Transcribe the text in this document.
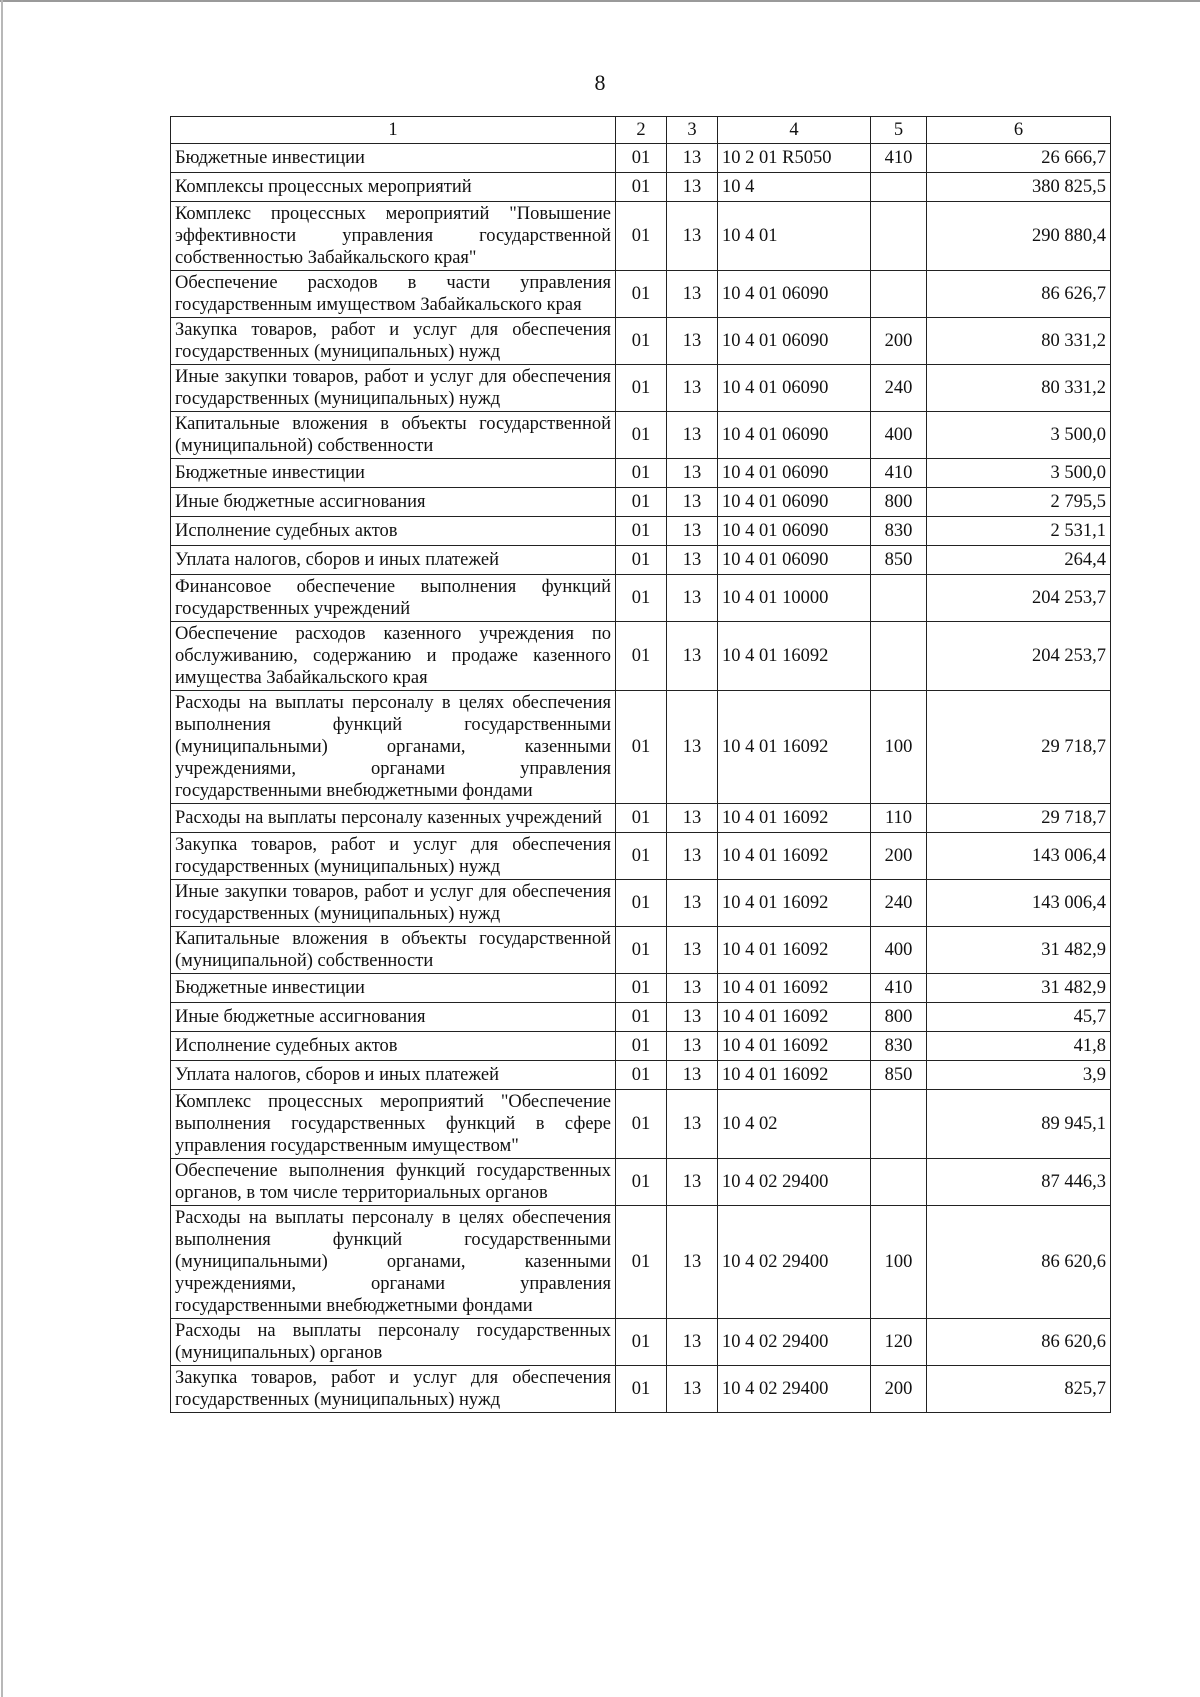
8
1	2	3	4	5	6
Бюджетные инвестиции	01	13	10 2 01 R5050	410	26 666,7
Комплексы процессных мероприятий	01	13	10 4		380 825,5
Комплекс процессных мероприятий "Повышение эффективности управления государственной собственностью Забайкальского края"	01	13	10 4 01		290 880,4
Обеспечение расходов в части управления государственным имуществом Забайкальского края	01	13	10 4 01 06090		86 626,7
Закупка товаров, работ и услуг для обеспечения государственных (муниципальных) нужд	01	13	10 4 01 06090	200	80 331,2
Иные закупки товаров, работ и услуг для обеспечения государственных (муниципальных) нужд	01	13	10 4 01 06090	240	80 331,2
Капитальные вложения в объекты государственной (муниципальной) собственности	01	13	10 4 01 06090	400	3 500,0
Бюджетные инвестиции	01	13	10 4 01 06090	410	3 500,0
Иные бюджетные ассигнования	01	13	10 4 01 06090	800	2 795,5
Исполнение судебных актов	01	13	10 4 01 06090	830	2 531,1
Уплата налогов, сборов и иных платежей	01	13	10 4 01 06090	850	264,4
Финансовое обеспечение выполнения функций государственных учреждений	01	13	10 4 01 10000		204 253,7
Обеспечение расходов казенного учреждения по обслуживанию, содержанию и продаже казенного имущества Забайкальского края	01	13	10 4 01 16092		204 253,7
Расходы на выплаты персоналу в целях обеспечения выполнения функций государственными (муниципальными) органами, казенными учреждениями, органами управления государственными внебюджетными фондами	01	13	10 4 01 16092	100	29 718,7
Расходы на выплаты персоналу казенных учреждений	01	13	10 4 01 16092	110	29 718,7
Закупка товаров, работ и услуг для обеспечения государственных (муниципальных) нужд	01	13	10 4 01 16092	200	143 006,4
Иные закупки товаров, работ и услуг для обеспечения государственных (муниципальных) нужд	01	13	10 4 01 16092	240	143 006,4
Капитальные вложения в объекты государственной (муниципальной) собственности	01	13	10 4 01 16092	400	31 482,9
Бюджетные инвестиции	01	13	10 4 01 16092	410	31 482,9
Иные бюджетные ассигнования	01	13	10 4 01 16092	800	45,7
Исполнение судебных актов	01	13	10 4 01 16092	830	41,8
Уплата налогов, сборов и иных платежей	01	13	10 4 01 16092	850	3,9
Комплекс процессных мероприятий "Обеспечение выполнения государственных функций в сфере управления государственным имуществом"	01	13	10 4 02		89 945,1
Обеспечение выполнения функций государственных органов, в том числе территориальных органов	01	13	10 4 02 29400		87 446,3
Расходы на выплаты персоналу в целях обеспечения выполнения функций государственными (муниципальными) органами, казенными учреждениями, органами управления государственными внебюджетными фондами	01	13	10 4 02 29400	100	86 620,6
Расходы на выплаты персоналу государственных (муниципальных) органов	01	13	10 4 02 29400	120	86 620,6
Закупка товаров, работ и услуг для обеспечения государственных (муниципальных) нужд	01	13	10 4 02 29400	200	825,7
